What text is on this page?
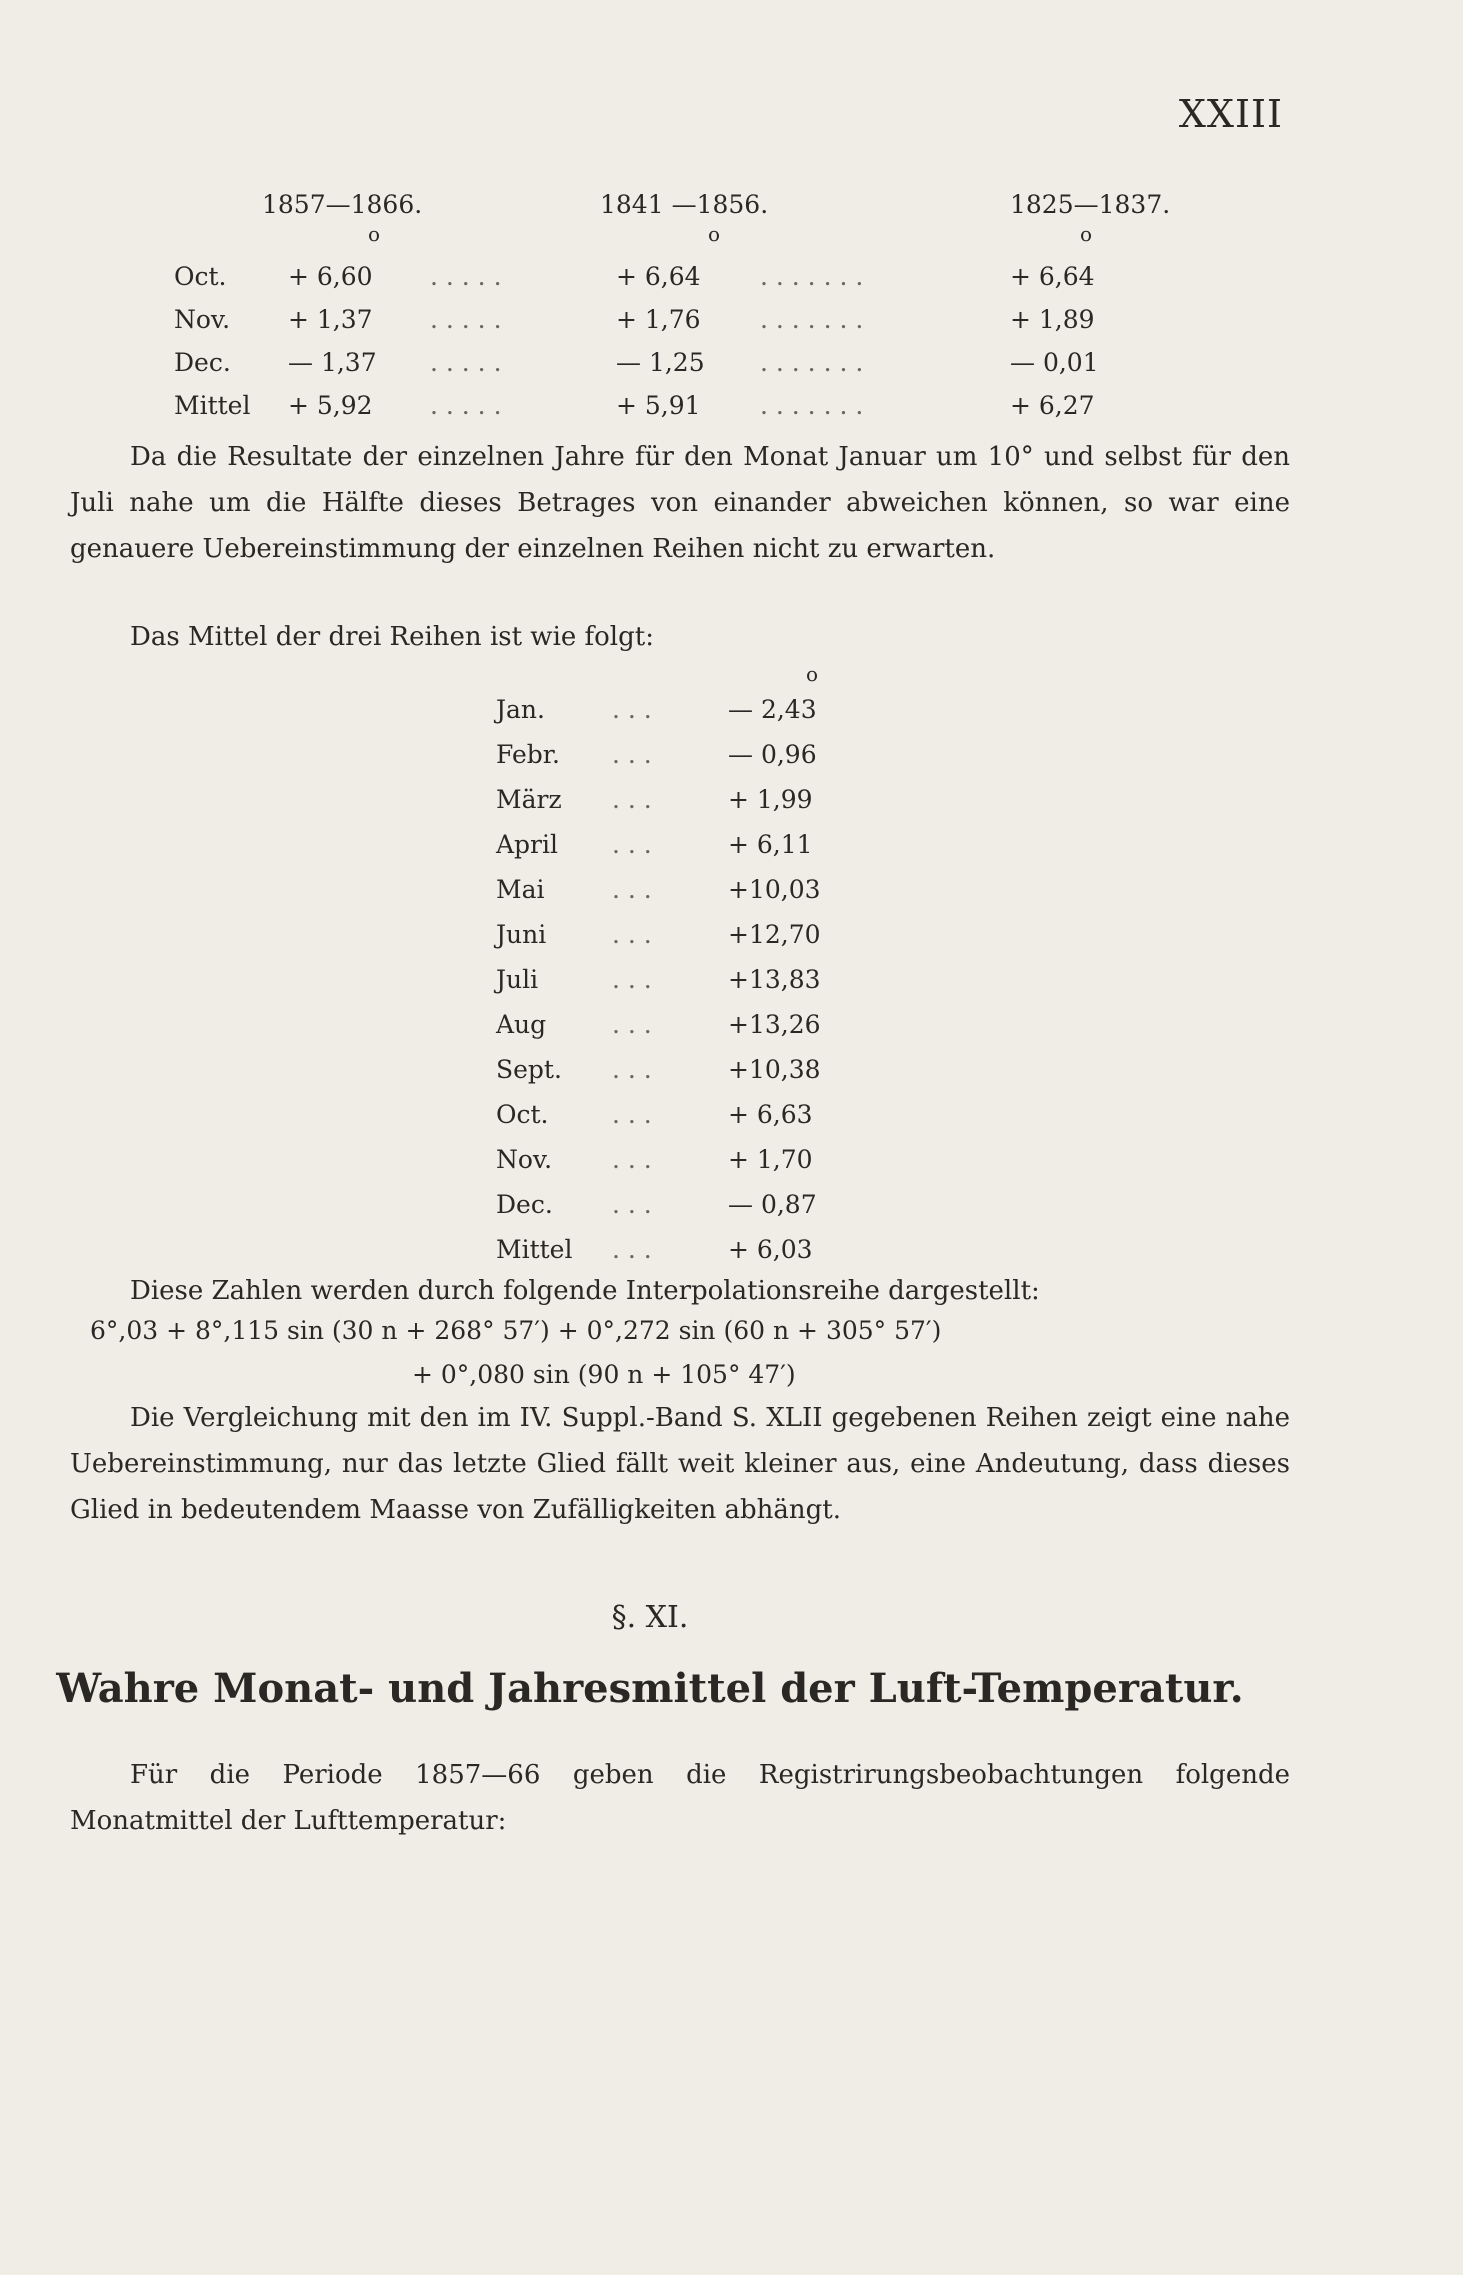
XXIII
1857—1866.	1841 —1856.	1825—1837.
o	o	o
Oct. + 6,60 . . . . .	+ 6,64 . . . . . . .	+ 6,64
Nov. + 1,37 . . . . .	+ 1,76 . . . . . . .	+ 1,89
Dec. — 1,37 . . . . .	— 1,25 . . . . . . .	— 0,01
Mittel + 5,92 . . . . .	+ 5,91 . . . . . . .	+ 6,27
Da die Resultate der einzelnen Jahre für den Monat Januar um 10° und selbst für den Juli nahe um die Hälfte dieses Betrages von einander abweichen können, so war eine genauere Uebereinstimmung der einzelnen Reihen nicht zu erwarten.
Das Mittel der drei Reihen ist wie folgt:
o
Jan.	. . .	— 2,43
Febr. . . .	— 0,96
März . . .	+ 1,99
April . . .	+ 6,11
Mai	. . .	+10,03
Juni	. . .	+12,70
Juli	. . .	+13,83
Aug	. . .	+13,26
Sept. . . .	+10,38
Oct.	. . .	+ 6,63
Nov. . . .	+ 1,70
Dec. . . .	— 0,87
Mittel . . .	+ 6,03
Diese Zahlen werden durch folgende Interpolationsreihe dargestellt:
6°,03 + 8°,115 sin (30 n + 268° 57′) + 0°,272 sin (60 n + 305° 57′)
+ 0°,080 sin (90 n + 105° 47′)
Die Vergleichung mit den im IV. Suppl.-Band S. XLII gegebenen Reihen zeigt eine nahe Uebereinstimmung, nur das letzte Glied fällt weit kleiner aus, eine Andeutung, dass dieses Glied in bedeutendem Maasse von Zufälligkeiten abhängt.
§. XI.
Wahre Monat- und Jahresmittel der Luft-Temperatur.
Für die Periode 1857—66 geben die Registrirungsbeobachtungen folgende Monatmittel der Lufttemperatur:
